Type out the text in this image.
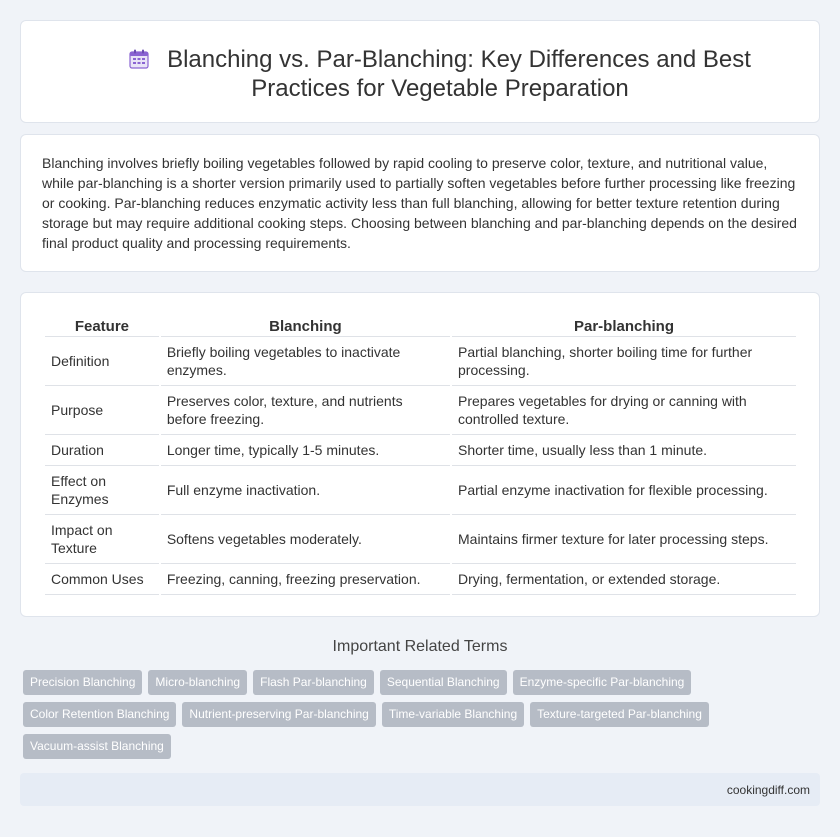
Blanching vs. Par-Blanching: Key Differences and Best Practices for Vegetable Preparation

Blanching involves briefly boiling vegetables followed by rapid cooling to preserve color, texture, and nutritional value, while par-blanching is a shorter version primarily used to partially soften vegetables before further processing like freezing or cooking. Par-blanching reduces enzymatic activity less than full blanching, allowing for better texture retention during storage but may require additional cooking steps. Choosing between blanching and par-blanching depends on the desired final product quality and processing requirements.

Feature	Blanching	Par-blanching
Definition	Briefly boiling vegetables to inactivate enzymes.	Partial blanching, shorter boiling time for further processing.
Purpose	Preserves color, texture, and nutrients before freezing.	Prepares vegetables for drying or canning with controlled texture.
Duration	Longer time, typically 1-5 minutes.	Shorter time, usually less than 1 minute.
Effect on Enzymes	Full enzyme inactivation.	Partial enzyme inactivation for flexible processing.
Impact on Texture	Softens vegetables moderately.	Maintains firmer texture for later processing steps.
Common Uses	Freezing, canning, freezing preservation.	Drying, fermentation, or extended storage.
Important Related Terms
Precision Blanching	Micro-blanching	Flash Par-blanching	Sequential Blanching	Enzyme-specific Par-blanching
Color Retention Blanching	Nutrient-preserving Par-blanching	Time-variable Blanching	Texture-targeted Par-blanching
Vacuum-assist Blanching
cookingdiff.com
